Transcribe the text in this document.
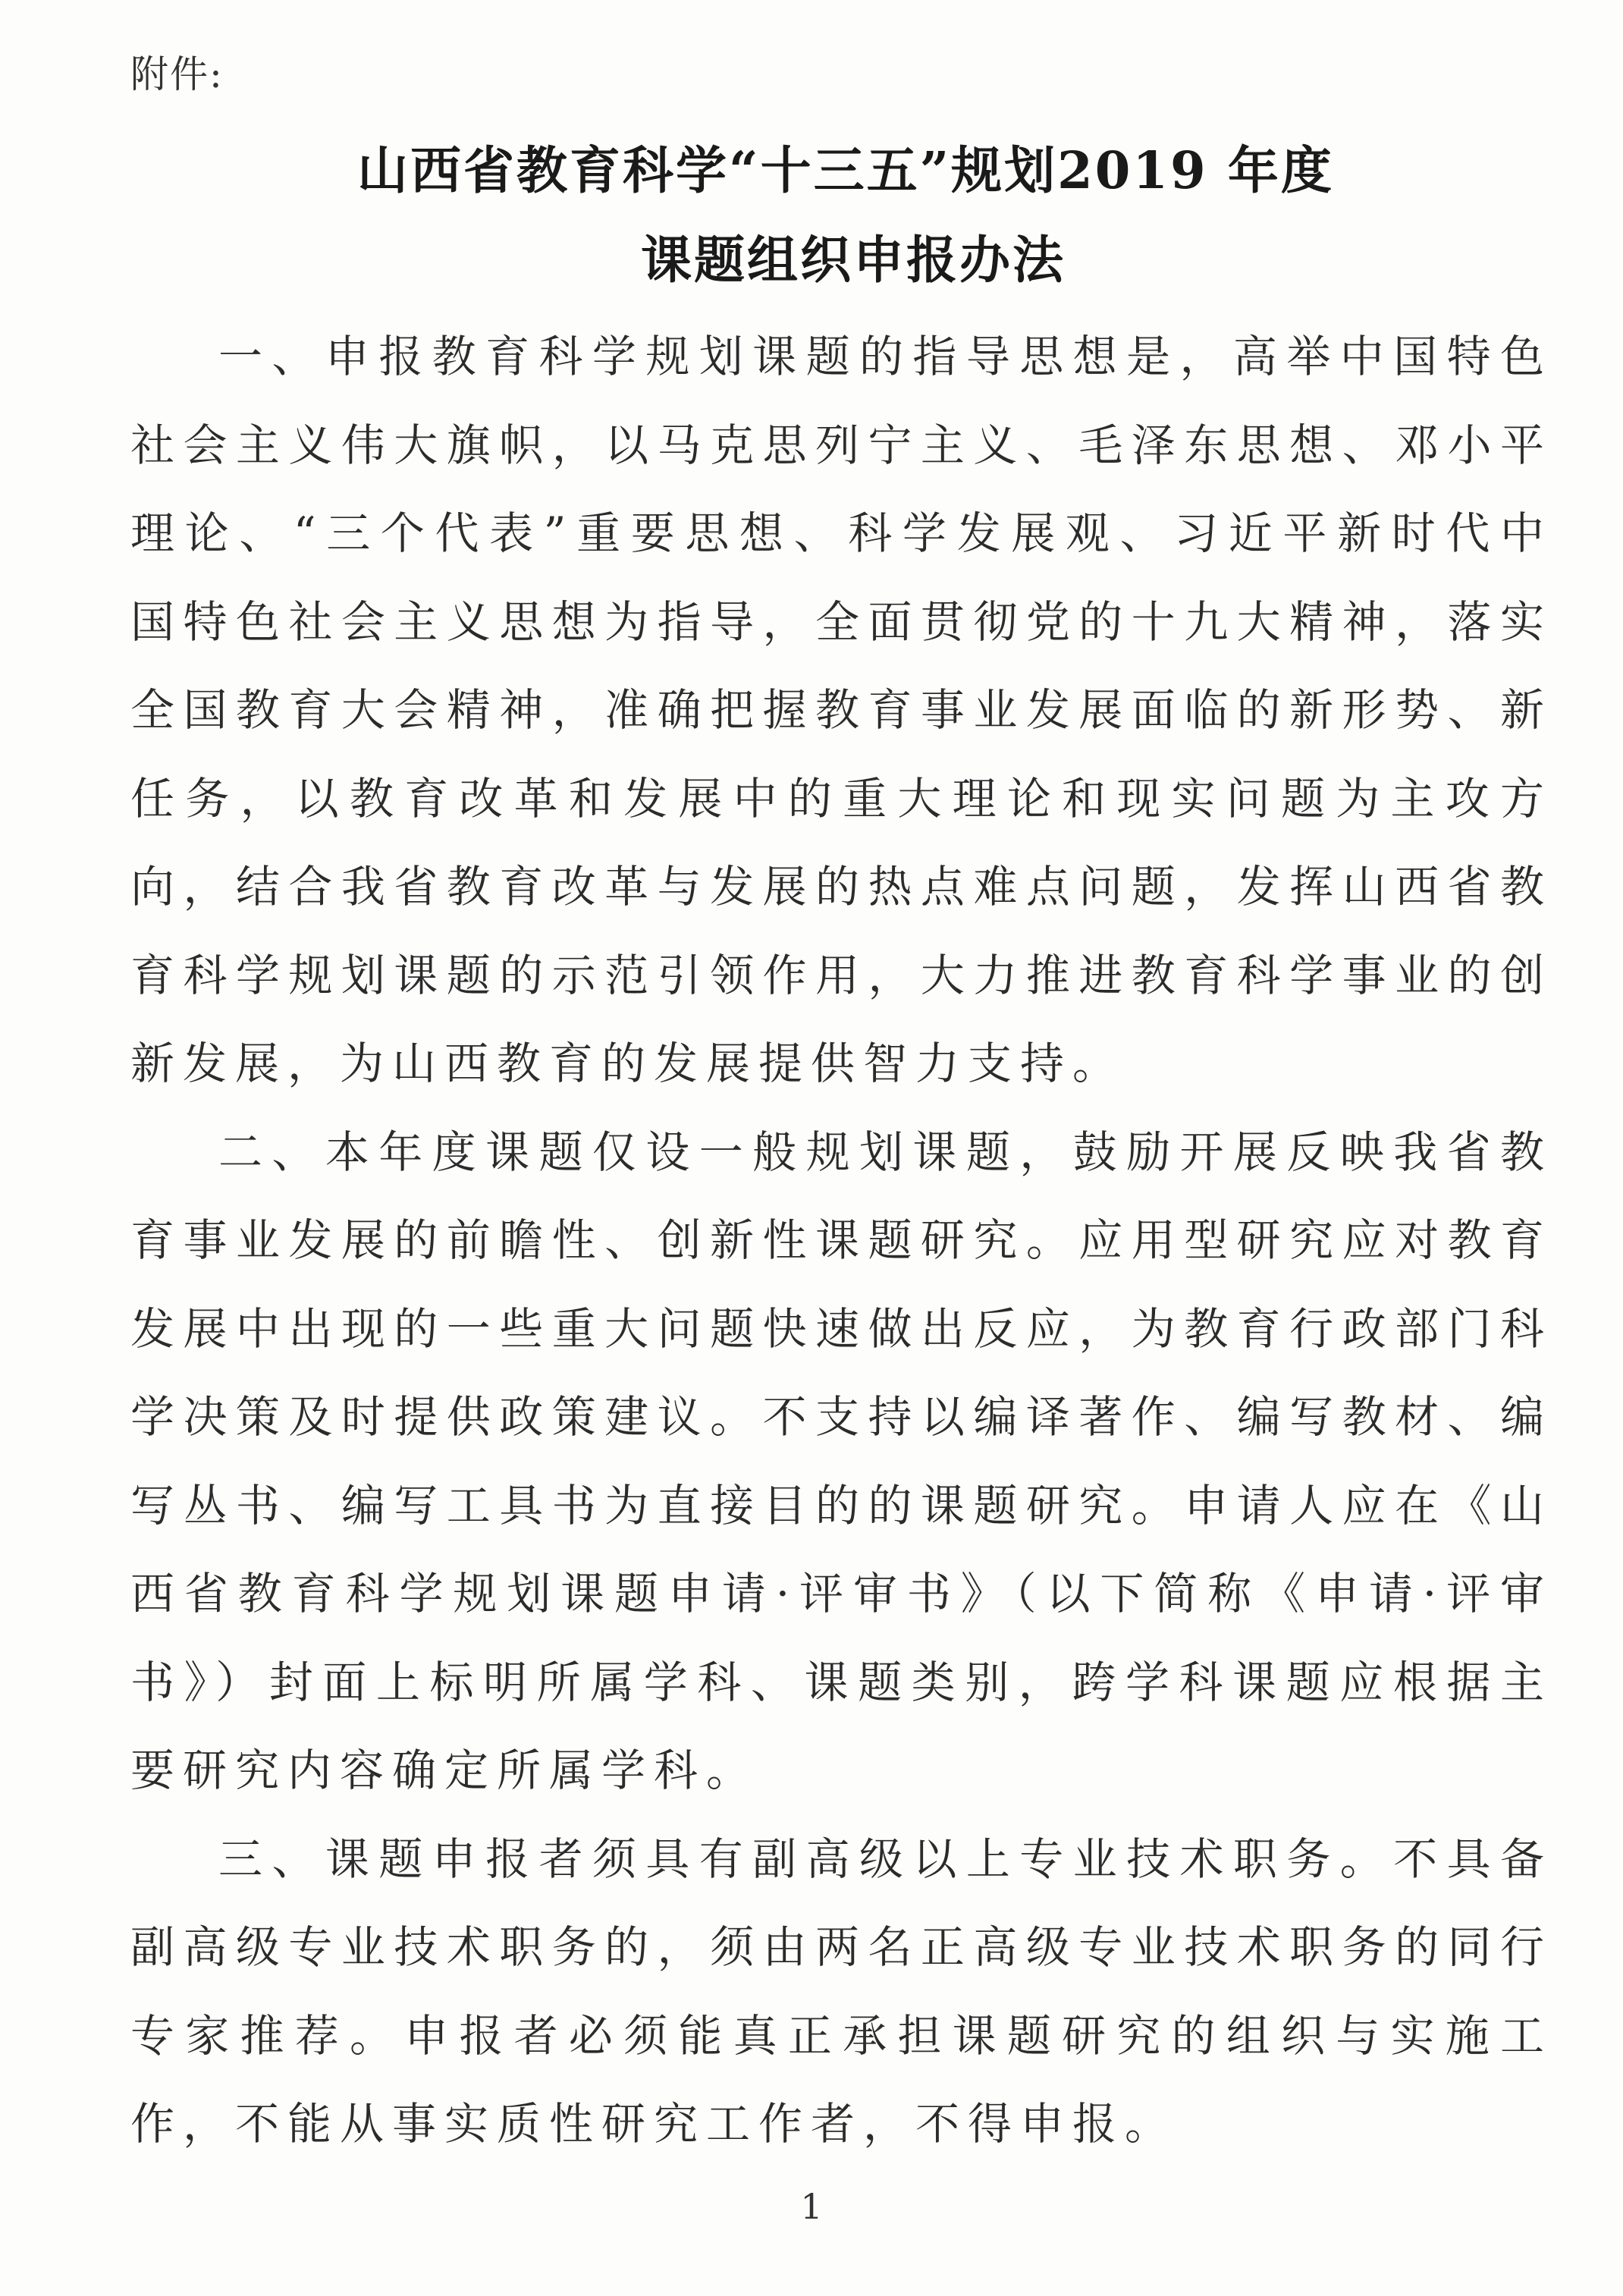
附件:
山西省教育科学“十三五”规划2019 年度
课题组织申报办法

一、申报教育科学规划课题的指导思想是，高举中国特色社会主义伟大旗帜，以马克思列宁主义、毛泽东思想、邓小平理论、“三个代表”重要思想、科学发展观、习近平新时代中国特色社会主义思想为指导，全面贯彻党的十九大精神，落实全国教育大会精神，准确把握教育事业发展面临的新形势、新任务，以教育改革和发展中的重大理论和现实问题为主攻方向，结合我省教育改革与发展的热点难点问题，发挥山西省教育科学规划课题的示范引领作用，大力推进教育科学事业的创新发展，为山西教育的发展提供智力支持。

二、本年度课题仅设一般规划课题，鼓励开展反映我省教育事业发展的前瞻性、创新性课题研究。应用型研究应对教育发展中出现的一些重大问题快速做出反应，为教育行政部门科学决策及时提供政策建议。不支持以编译著作、编写教材、编写丛书、编写工具书为直接目的的课题研究。申请人应在《山西省教育科学规划课题申请·评审书》（以下简称《申请·评审书》）封面上标明所属学科、课题类别，跨学科课题应根据主要研究内容确定所属学科。

三、课题申报者须具有副高级以上专业技术职务。不具备副高级专业技术职务的，须由两名正高级专业技术职务的同行专家推荐。申报者必须能真正承担课题研究的组织与实施工作，不能从事实质性研究工作者，不得申报。

1
